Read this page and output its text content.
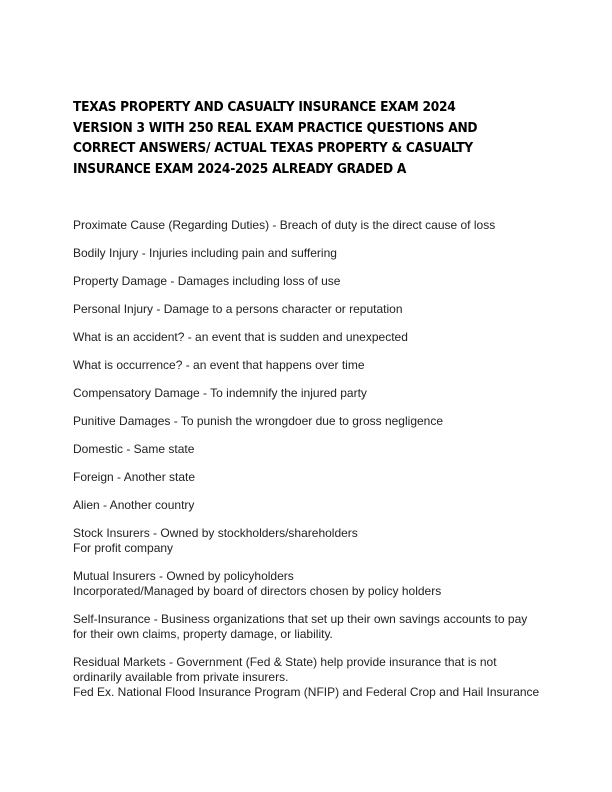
TEXAS PROPERTY AND CASUALTY INSURANCE EXAM 2024
VERSION 3 WITH 250 REAL EXAM PRACTICE QUESTIONS AND
CORRECT ANSWERS/ ACTUAL TEXAS PROPERTY & CASUALTY
INSURANCE EXAM 2024-2025 ALREADY GRADED A
Proximate Cause (Regarding Duties) - Breach of duty is the direct cause of loss
Bodily Injury - Injuries including pain and suffering
Property Damage - Damages including loss of use
Personal Injury - Damage to a persons character or reputation
What is an accident? - an event that is sudden and unexpected
What is occurrence? - an event that happens over time
Compensatory Damage - To indemnify the injured party
Punitive Damages - To punish the wrongdoer due to gross negligence
Domestic - Same state
Foreign - Another state
Alien - Another country
Stock Insurers - Owned by stockholders/shareholders
For profit company
Mutual Insurers - Owned by policyholders
Incorporated/Managed by board of directors chosen by policy holders
Self-Insurance - Business organizations that set up their own savings accounts to pay
for their own claims, property damage, or liability.
Residual Markets - Government (Fed & State) help provide insurance that is not
ordinarily available from private insurers.
Fed Ex. National Flood Insurance Program (NFIP) and Federal Crop and Hail Insurance
